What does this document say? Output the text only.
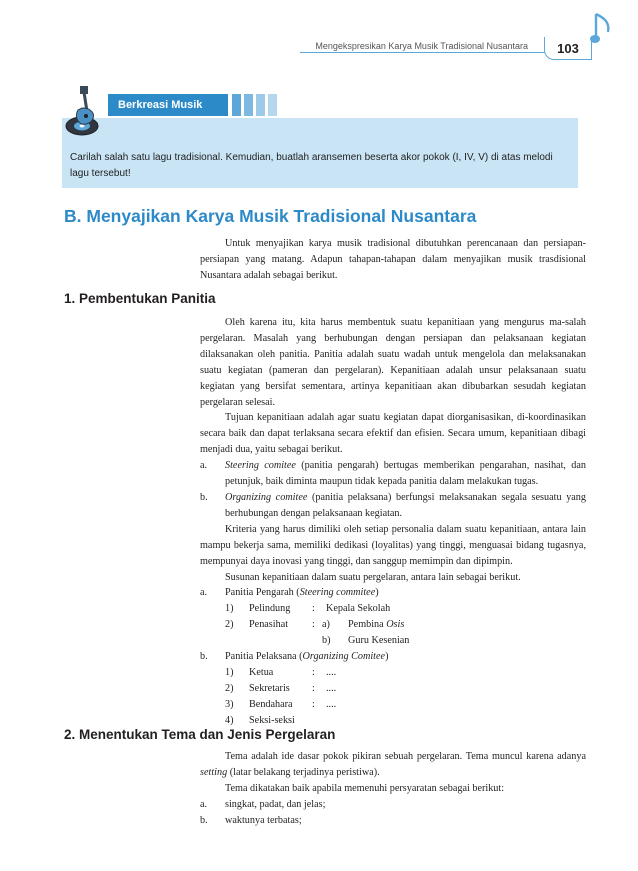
Mengekspresikan Karya Musik Tradisional Nusantara	103
Carilah salah satu lagu tradisional. Kemudian, buatlah aransemen beserta akor pokok (I, IV, V) di atas melodi lagu tersebut!
Berkreasi Musik
B. Menyajikan Karya Musik Tradisional Nusantara

Untuk menyajikan karya musik tradisional dibutuhkan perencanaan dan persiapan-persiapan yang matang. Adapun tahapan-tahapan dalam menyajikan musik trasdisional Nusantara adalah sebagai berikut.

1. Pembentukan Panitia

Oleh karena itu, kita harus membentuk suatu kepanitiaan yang mengurus ma-salah pergelaran. Masalah yang berhubungan dengan persiapan dan pelaksanaan kegiatan dilaksanakan oleh panitia. Panitia adalah suatu wadah untuk mengelola dan melaksanakan suatu kegiatan (pameran dan pergelaran). Kepanitiaan adalah unsur pelaksanaan suatu kegiatan yang bersifat sementara, artinya kepanitiaan akan dibubarkan sesudah kegiatan pergelaran selesai.

Tujuan kepanitiaan adalah agar suatu kegiatan dapat diorganisasikan, di-koordinasikan secara baik dan dapat terlaksana secara efektif dan efisien. Secara umum, kepanitiaan dibagi menjadi dua, yaitu sebagai berikut.

a. Steering comitee (panitia pengarah) bertugas memberikan pengarahan, nasihat, dan petunjuk, baik diminta maupun tidak kepada panitia dalam melakukan tugas.
b. Organizing comitee (panitia pelaksana) berfungsi melaksanakan segala sesuatu yang berhubungan dengan pelaksanaan kegiatan.

Kriteria yang harus dimiliki oleh setiap personalia dalam suatu kepanitiaan, antara lain mampu bekerja sama, memiliki dedikasi (loyalitas) yang tinggi, menguasai bidang tugasnya, mempunyai daya inovasi yang tinggi, dan sanggup memimpin dan dipimpin.

Susunan kepanitiaan dalam suatu pergelaran, antara lain sebagai berikut.

a. Panitia Pengarah (Steering commitee)
1) Pelindung : Kepala Sekolah
2) Penasihat : a) Pembina Osis
b) Guru Kesenian
b. Panitia Pelaksana (Organizing Comitee)
1) Ketua	: ....
2) Sekretaris : ....
3) Bendahara : ....
4) Seksi-seksi
2. Menentukan Tema dan Jenis Pergelaran

Tema adalah ide dasar pokok pikiran sebuah pergelaran. Tema muncul karena adanya setting (latar belakang terjadinya peristiwa).

Tema dikatakan baik apabila memenuhi persyaratan sebagai berikut:

a. singkat, padat, dan jelas;
b. waktunya terbatas;
